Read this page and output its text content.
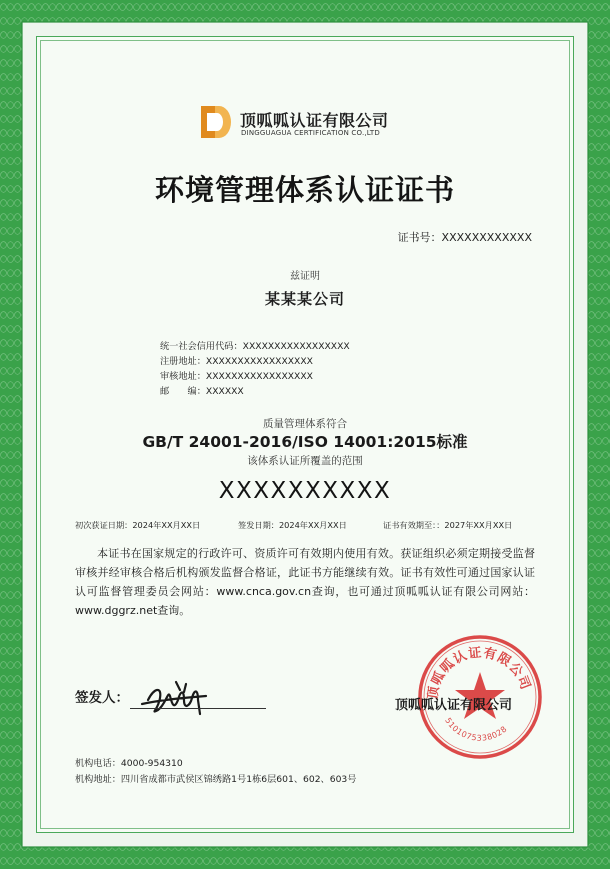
顶呱呱认证有限公司
DINGGUAGUA CERTIFICATION CO.,LTD
环境管理体系认证证书
证书号：XXXXXXXXXXXX
兹证明
某某某公司
统一社会信用代码：XXXXXXXXXXXXXXXXX
注册地址：XXXXXXXXXXXXXXXXX
审核地址：XXXXXXXXXXXXXXXXX
邮　　编：XXXXXX
质量管理体系符合
GB/T 24001-2016/ISO 14001:2015标准
该体系认证所覆盖的范围
XXXXXXXXXX
初次获证日期：2024年XX月XX日	签发日期：2024年XX月XX日	证书有效期至：：2027年XX月XX日
本证书在国家规定的行政许可、资质许可有效期内使用有效。获证组织必须定期接受监督审核并经审核合格后机构颁发监督合格证，此证书方能继续有效。证书有效性可通过国家认证认可监督管理委员会网站：www.cnca.gov.cn查询，也可通过顶呱呱认证有限公司网站：www.dggrz.net查询。
签发人：	顶呱呱认证有限公司
5101075338028
顶呱呱认证有限公司
机构电话：4000-954310
机构地址：四川省成都市武侯区锦绣路1号1栋6层601、602、603号
